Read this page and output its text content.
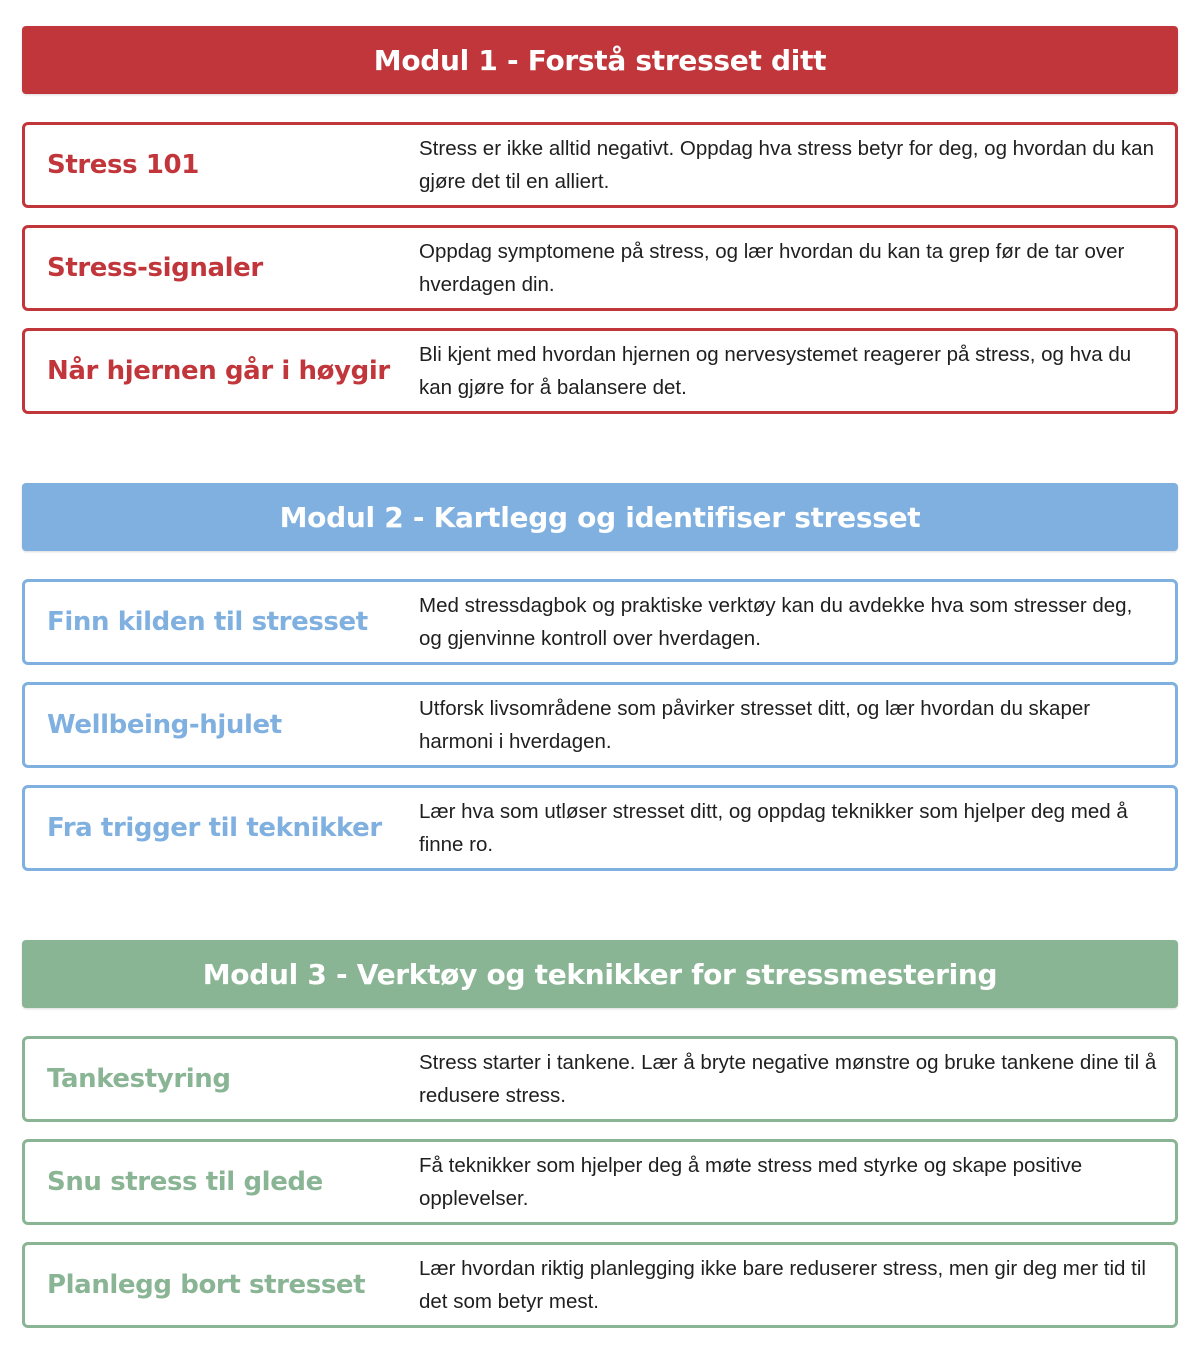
Modul 1 - Forstå stresset ditt
Stress 101
Stress er ikke alltid negativt. Oppdag hva stress betyr for deg, og hvordan du kan gjøre det til en alliert.
Stress-signaler
Oppdag symptomene på stress, og lær hvordan du kan ta grep før de tar over hverdagen din.
Når hjernen går i høygir
Bli kjent med hvordan hjernen og nervesystemet reagerer på stress, og hva du kan gjøre for å balansere det.
Modul 2 - Kartlegg og identifiser stresset
Finn kilden til stresset
Med stressdagbok og praktiske verktøy kan du avdekke hva som stresser deg, og gjenvinne kontroll over hverdagen.
Wellbeing-hjulet
Utforsk livsområdene som påvirker stresset ditt, og lær hvordan du skaper harmoni i hverdagen.
Fra trigger til teknikker
Lær hva som utløser stresset ditt, og oppdag teknikker som hjelper deg med å finne ro.
Modul 3 - Verktøy og teknikker for stressmestering
Tankestyring
Stress starter i tankene. Lær å bryte negative mønstre og bruke tankene dine til å redusere stress.
Snu stress til glede
Få teknikker som hjelper deg å møte stress med styrke og skape positive opplevelser.
Planlegg bort stresset
Lær hvordan riktig planlegging ikke bare reduserer stress, men gir deg mer tid til det som betyr mest.
